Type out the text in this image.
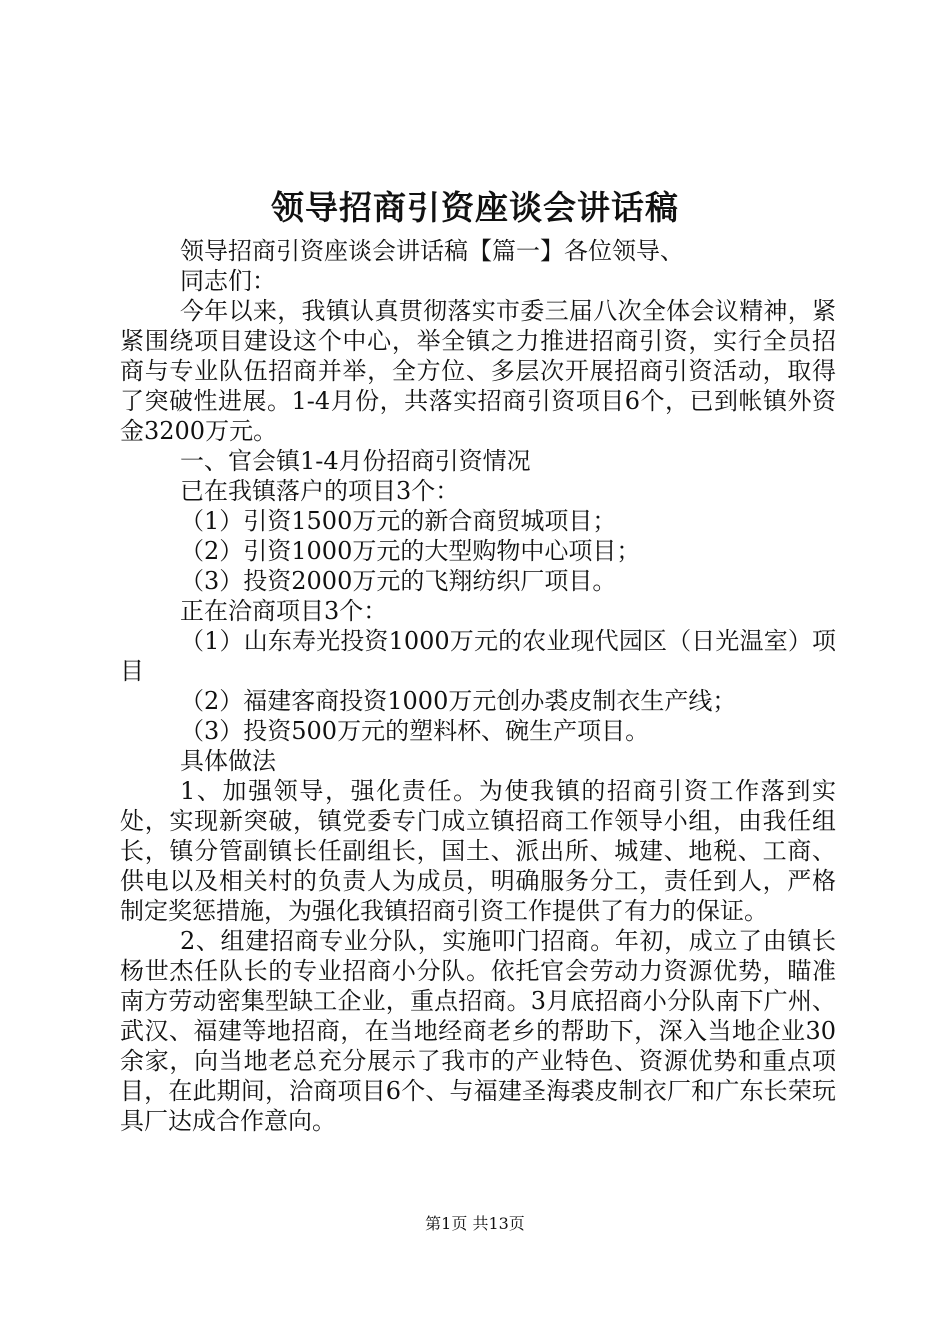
领导招商引资座谈会讲话稿

领导招商引资座谈会讲话稿【篇一】各位领导、

同志们：

今年以来，我镇认真贯彻落实市委三届八次全体会议精神，紧紧围绕项目建设这个中心，举全镇之力推进招商引资，实行全员招商与专业队伍招商并举，全方位、多层次开展招商引资活动，取得了突破性进展。1-4月份，共落实招商引资项目6个，已到帐镇外资金3200万元。

一、官会镇1-4月份招商引资情况

已在我镇落户的项目3个：

（1）引资1500万元的新合商贸城项目；

（2）引资1000万元的大型购物中心项目；

（3）投资2000万元的飞翔纺织厂项目。

正在洽商项目3个：

（1）山东寿光投资1000万元的农业现代园区（日光温室）项目

（2）福建客商投资1000万元创办裘皮制衣生产线；

（3）投资500万元的塑料杯、碗生产项目。

具体做法

1、加强领导，强化责任。为使我镇的招商引资工作落到实处，实现新突破，镇党委专门成立镇招商工作领导小组，由我任组长，镇分管副镇长任副组长，国土、派出所、城建、地税、工商、供电以及相关村的负责人为成员，明确服务分工，责任到人，严格制定奖惩措施，为强化我镇招商引资工作提供了有力的保证。

2、组建招商专业分队，实施叩门招商。年初，成立了由镇长杨世杰任队长的专业招商小分队。依托官会劳动力资源优势，瞄准南方劳动密集型缺工企业，重点招商。3月底招商小分队南下广州、武汉、福建等地招商，在当地经商老乡的帮助下，深入当地企业30余家，向当地老总充分展示了我市的产业特色、资源优势和重点项目，在此期间，洽商项目6个、与福建圣海裘皮制衣厂和广东长荣玩具厂达成合作意向。

第1页 共13页
